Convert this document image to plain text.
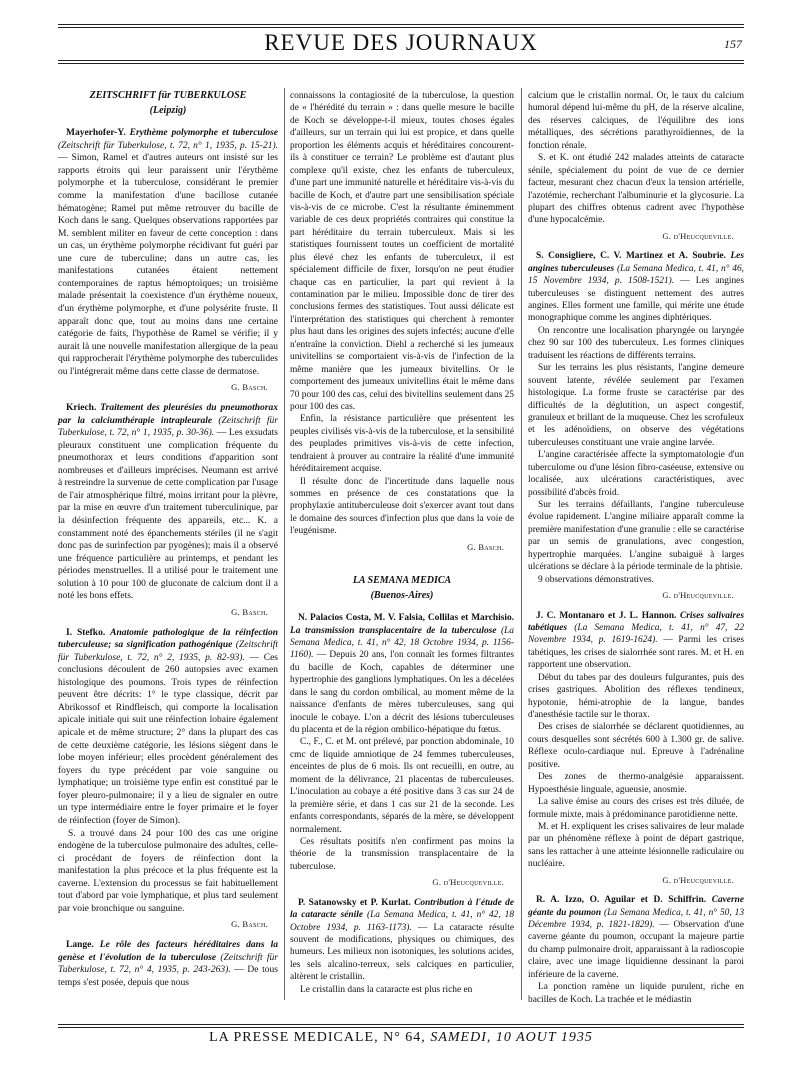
REVUE DES JOURNAUX	157
ZEITSCHRIFT für TUBERKULOSE
(Leipzig)

Mayerhofer-Y. Erythème polymorphe et tuberculose (Zeitschrift für Tuberkulose, t. 72, n° 1, 1935, p. 15-21). — Simon, Ramel et d'autres auteurs ont insisté sur les rapports étroits qui leur paraissent unir l'érythème polymorphe et la tuberculose, considérant le premier comme la manifestation d'une bacillose cutanée hématogène; Ramel put même retrouver du bacille de Koch dans le sang. Quelques observations rapportées par M. semblent militer en faveur de cette conception : dans un cas, un érythème polymorphe récidivant fut guéri par une cure de tuberculine; dans un autre cas, les manifestations cutanées étaient nettement contemporaines de raptus hémoptoïques; un troisième malade présentait la coexistence d'un érythème noueux, d'un érythème polymorphe, et d'une polysérite fruste. Il apparaît donc que, tout au moins dans une certaine catégorie de faits, l'hypothèse de Ramel se vérifie; il y aurait là une nouvelle manifestation allergique de la peau qui rapprocherait l'érythème polymorphe des tuberculides ou l'intégrerait même dans cette classe de dermatose.

G. Basch.

Kriech. Traitement des pleurésies du pneumothorax par la calciumthérapie intrapleurale (Zeitschrift für Tuberkulose, t. 72, n° 1, 1935, p. 30-36). — Les exsudats pleuraux constituent une complication fréquente du pneumothorax et leurs conditions d'apparition sont nombreuses et d'ailleurs imprécises. Neumann est arrivé à restreindre la survenue de cette complication par l'usage de l'air atmosphérique filtré, moins irritant pour la plèvre, par la mise en œuvre d'un traitement tuberculinique, par la désinfection fréquente des appareils, etc... K. a constamment noté des épanchements stériles (il ne s'agit donc pas de surinfection par pyogènes); mais il a observé une fréquence particulière au printemps, et pendant les périodes menstruelles. Il a utilisé pour le traitement une solution à 10 pour 100 de gluconate de calcium dont il a noté les bons effets.

G. Basch.

I. Stefko. Anatomie pathologique de la réinfection tuberculeuse; sa signification pathogénique (Zeitschrift für Tuberkulose, t. 72, n° 2, 1935, p. 82-93). — Ces conclusions découlent de 260 autopsies avec examen histologique des poumons. Trois types de réinfection peuvent être décrits: 1° le type classique, décrit par Abrikossof et Rindfleisch, qui comporte la localisation apicale initiale qui suit une réinfection lobaire également apicale et de même structure; 2° dans la plupart des cas de cette deuxième catégorie, les lésions siègent dans le lobe moyen inférieur; elles procèdent généralement des foyers du type précédent par voie sanguine ou lymphatique; un troisième type enfin est constitué par le foyer pleuro-pulmonaire; il y a lieu de signaler en outre un type intermédiaire entre le foyer primaire et le foyer de réinfection (foyer de Simon).

S. a trouvé dans 24 pour 100 des cas une origine endogène de la tuberculose pulmonaire des adultes, celle-ci procédant de foyers de réinfection dont la manifestation la plus précoce et la plus fréquente est la caverne. L'extension du processus se fait habituellement tout d'abord par voie lymphatique, et plus tard seulement par voie bronchique ou sanguine.

G. Basch.

Lange. Le rôle des facteurs héréditaires dans la genèse et l'évolution de la tuberculose (Zeitschrift für Tuberkulose, t. 72, n° 4, 1935, p. 243-263). — De tous temps s'est posée, depuis que nous

connaissons la contagiosité de la tuberculose, la question de « l'hérédité du terrain » : dans quelle mesure le bacille de Koch se développe-t-il mieux, toutes choses égales d'ailleurs, sur un terrain qui lui est propice, et dans quelle proportion les éléments acquis et héréditaires concourent-ils à constituer ce terrain? Le problème est d'autant plus complexe qu'il existe, chez les enfants de tuberculeux, d'une part une immunité naturelle et héréditaire vis-à-vis du bacille de Koch, et d'autre part une sensibilisation spéciale vis-à-vis de ce microbe. C'est la résultante éminemment variable de ces deux propriétés contraires qui constitue la part héréditaire du terrain tuberculeux. Mais si les statistiques fournissent toutes un coefficient de mortalité plus élevé chez les enfants de tuberculeux, il est spécialement difficile de fixer, lorsqu'on ne peut étudier chaque cas en particulier, la part qui revient à la contamination par le milieu. Impossible donc de tirer des conclusions fermes des statistiques. Tout aussi délicate est l'interprétation des statistiques qui cherchent à remonter plus haut dans les origines des sujets infectés; aucune d'elle n'entraîne la conviction. Diehl a recherché si les jumeaux univitellins se comportaient vis-à-vis de l'infection de la même manière que les jumeaux bivitellins. Or le comportement des jumeaux univitellins était le même dans 70 pour 100 des cas, celui des bivitellins seulement dans 25 pour 100 des cas.

Enfin, la résistance particulière que présentent les peuples civilisés vis-à-vis de la tuberculose, et la sensibilité des peuplades primitives vis-à-vis de cette infection, tendraient à prouver au contraire la réalité d'une immunité héréditairement acquise.

Il résulte donc de l'incertitude dans laquelle nous sommes en présence de ces constatations que la prophylaxie antituberculeuse doit s'exercer avant tout dans le domaine des sources d'infection plus que dans la voie de l'eugénisme.

G. Basch.
LA SEMANA MEDICA
(Buenos-Aires)

N. Palacios Costa, M. V. Falsia, Collilas et Marchisio. La transmission transplacentaire de la tuberculose (La Semana Medica, t. 41, n° 42, 18 Octobre 1934, p. 1156-1160). — Depuis 20 ans, l'on connaît les formes filtrantes du bacille de Koch, capables de déterminer une hypertrophie des ganglions lymphatiques. On les a décelées dans le sang du cordon ombilical, au moment même de la naissance d'enfants de mères tuberculeuses, sang qui inocule le cobaye. L'on a décrit des lésions tuberculeuses du placenta et de la région ombilico-hépatique du fœtus.

C., F., C. et M. ont prélevé, par ponction abdominale, 10 cmc de liquide amniotique de 24 femmes tuberculeuses, enceintes de plus de 6 mois. Ils ont recueilli, en outre, au moment de la délivrance, 21 placentas de tuberculeuses. L'inoculation au cobaye a été positive dans 3 cas sur 24 de la première série, et dans 1 cas sur 21 de la seconde. Les enfants correspondants, séparés de la mère, se développent normalement.

Ces résultats positifs n'en confirment pas moins la théorie de la transmission transplacentaire de la tuberculose.

G. d'Heucqueville.

P. Satanowsky et P. Kurlat. Contribution à l'étude de la cataracte sénile (La Semana Medica, t. 41, n° 42, 18 Octobre 1934, p. 1163-1173). — La cataracte résulte souvent de modifications, physiques ou chimiques, des humeurs. Les milieux non isotoniques, les solutions acides, les sels alcalino-terreux, sels calciques en particulier, altèrent le cristallin.

Le cristallin dans la cataracte est plus riche en

calcium que le cristallin normal. Or, le taux du calcium humoral dépend lui-même du pH, de la réserve alcaline, des réserves calciques, de l'équilibre des ions métalliques, des sécrétions parathyroïdiennes, de la fonction rénale.

S. et K. ont étudié 242 malades atteints de cataracte sénile, spécialement du point de vue de ce dernier facteur, mesurant chez chacun d'eux la tension artérielle, l'azotémie, recherchant l'albuminurie et la glycosurie. La plupart des chiffres obtenus cadrent avec l'hypothèse d'une hypocalcémie.

G. d'Heucqueville.

S. Consigliere, C. V. Martinez et A. Soubrie. Les angines tuberculeuses (La Semana Medica, t. 41, n° 46, 15 Novembre 1934, p. 1508-1521). — Les angines tuberculeuses se distinguent nettement des autres angines. Elles forment une famille, qui mérite une étude monographique comme les angines diphtériques.

On rencontre une localisation pharyngée ou laryngée chez 90 sur 100 des tuberculeux. Les formes cliniques traduisent les réactions de différents terrains.

Sur les terrains les plus résistants, l'angine demeure souvent latente, révélée seulement par l'examen histologique. La forme fruste se caractérise par des difficultés de la déglutition, un aspect congestif, granuleux et brillant de la muqueuse. Chez les scrofuleux et les adénoïdiens, on observe des végétations tuberculeuses constituant une vraie angine larvée.

L'angine caractérisée affecte la symptomatologie d'un tuberculome ou d'une lésion fibro-caséeuse, extensive ou localisée, aux ulcérations caractéristiques, avec possibilité d'abcès froid.

Sur les terrains défaillants, l'angine tuberculeuse évolue rapidement. L'angine miliaire apparaît comme la première manifestation d'une granulie : elle se caractérise par un semis de granulations, avec congestion, hypertrophie marquées. L'angine subaiguë à larges ulcérations se déclare à la période terminale de la phtisie.

9 observations démonstratives.

G. d'Heucqueville.

J. C. Montanaro et J. L. Hannon. Crises salivaires tabétiques (La Semana Medica, t. 41, n° 47, 22 Novembre 1934, p. 1619-1624). — Parmi les crises tabétiques, les crises de sialorrhée sont rares. M. et H. en rapportent une observation.

Début du tabes par des douleurs fulgurantes, puis des crises gastriques. Abolition des réflexes tendineux, hypotonie, hémi-atrophie de la langue, bandes d'anesthésie tactile sur le thorax.

Des crises de sialorrhée se déclarent quotidiennes, au cours desquelles sont sécrétés 600 à 1.300 gr. de salive. Réflexe oculo-cardiaque nul. Epreuve à l'adrénaline positive.

Des zones de thermo-analgésie apparaissent. Hypoesthésie linguale, agueusie, anosmie.

La salive émise au cours des crises est très diluée, de formule mixte, mais à prédominance parotidienne nette.

M. et H. expliquent les crises salivaires de leur malade par un phénomène réflexe à point de départ gastrique, sans les rattacher à une atteinte lésionnelle radiculaire ou nucléaire.

G. d'Heucqueville.

R. A. Izzo, O. Aguilar et D. Schiffrin. Caverne géante du poumon (La Semana Medica, t. 41, n° 50, 13 Décembre 1934, p. 1821-1829). — Observation d'une caverne géante du poumon, occupant la majeure partie du champ pulmonaire droit, apparaissant à la radioscopie claire, avec une image liquidienne dessinant la paroi inférieure de la caverne.

La ponction ramène un liquide purulent, riche en bacilles de Koch. La trachée et le médiastin

LA PRESSE MEDICALE, N° 64, SAMEDI, 10 AOUT 1935
